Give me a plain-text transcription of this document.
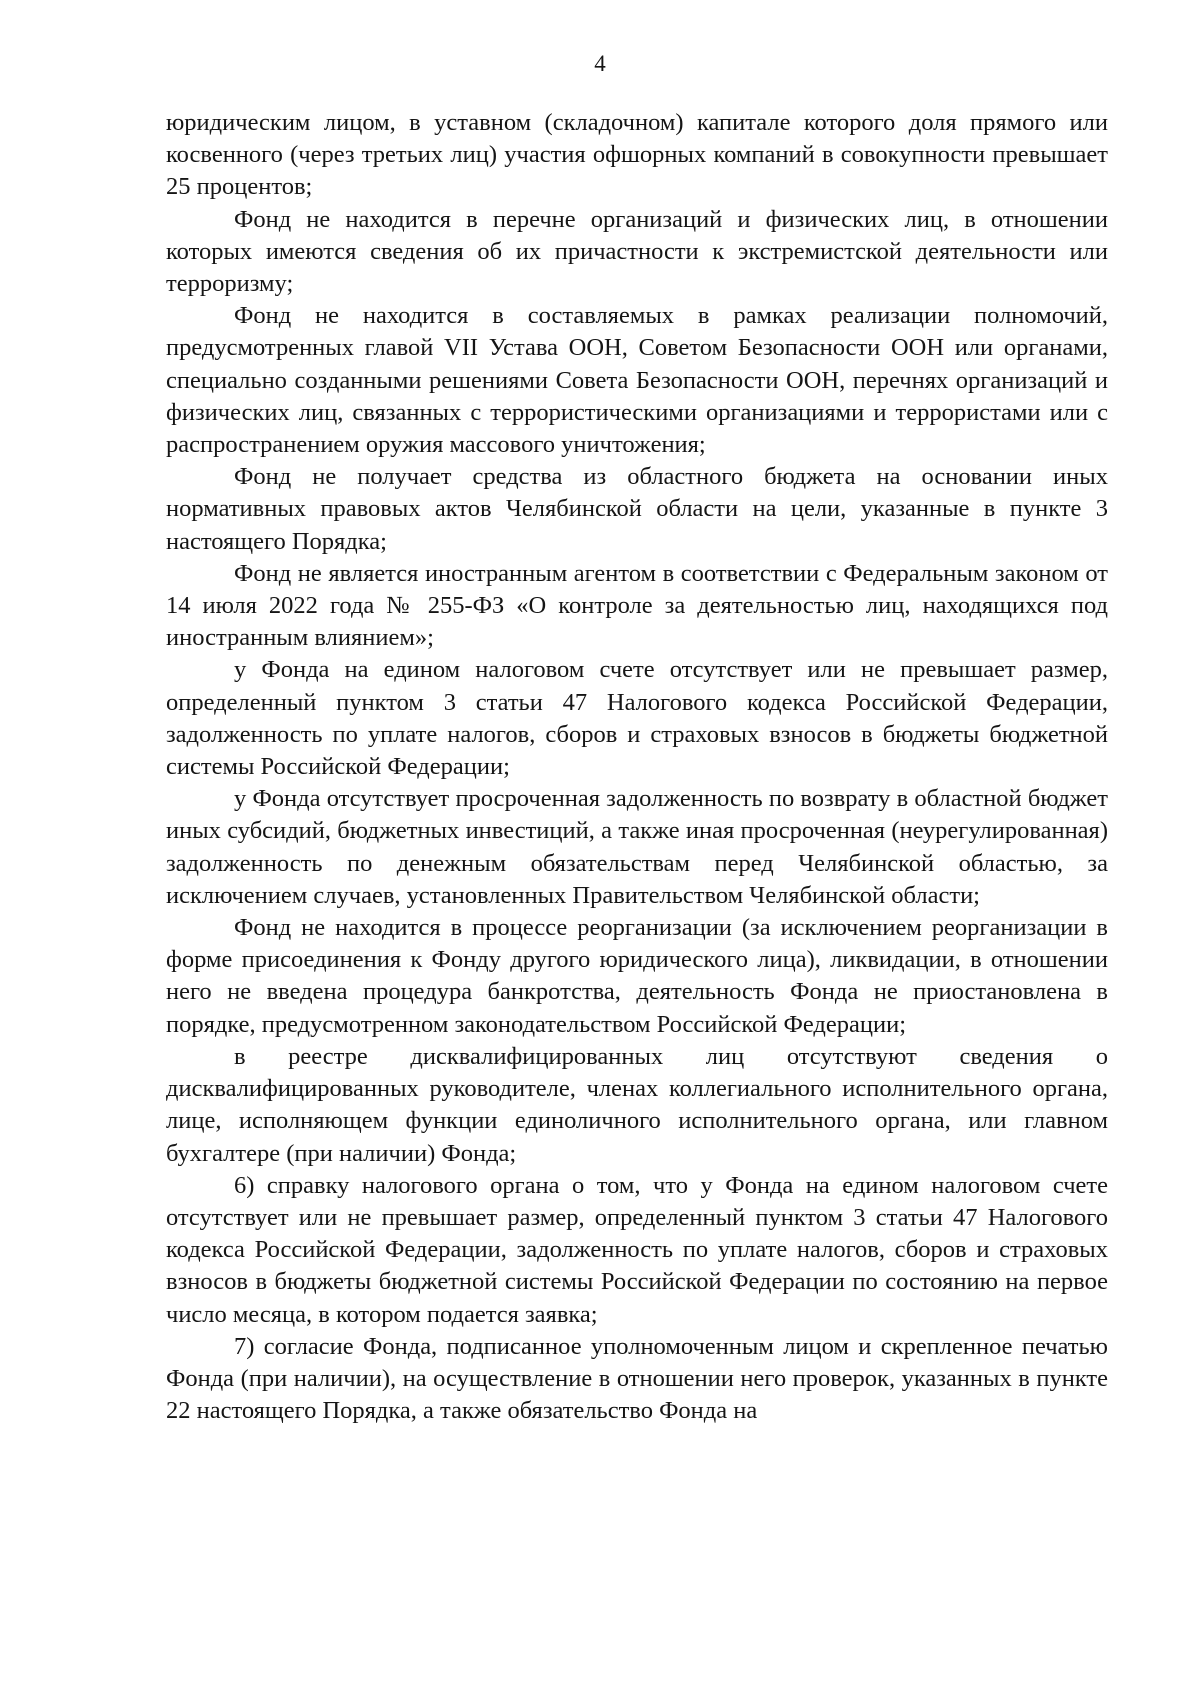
4

юридическим лицом, в уставном (складочном) капитале которого доля прямого или косвенного (через третьих лиц) участия офшорных компаний в совокупности превышает 25 процентов;

Фонд не находится в перечне организаций и физических лиц, в отношении которых имеются сведения об их причастности к экстремистской деятельности или терроризму;

Фонд не находится в составляемых в рамках реализации полномочий, предусмотренных главой VII Устава ООН, Советом Безопасности ООН или органами, специально созданными решениями Совета Безопасности ООН, перечнях организаций и физических лиц, связанных с террористическими организациями и террористами или с распространением оружия массового уничтожения;

Фонд не получает средства из областного бюджета на основании иных нормативных правовых актов Челябинской области на цели, указанные в пункте 3 настоящего Порядка;

Фонд не является иностранным агентом в соответствии с Федеральным законом от 14 июля 2022 года № 255-ФЗ «О контроле за деятельностью лиц, находящихся под иностранным влиянием»;

у Фонда на едином налоговом счете отсутствует или не превышает размер, определенный пунктом 3 статьи 47 Налогового кодекса Российской Федерации, задолженность по уплате налогов, сборов и страховых взносов в бюджеты бюджетной системы Российской Федерации;

у Фонда отсутствует просроченная задолженность по возврату в областной бюджет иных субсидий, бюджетных инвестиций, а также иная просроченная (неурегулированная) задолженность по денежным обязательствам перед Челябинской областью, за исключением случаев, установленных Правительством Челябинской области;

Фонд не находится в процессе реорганизации (за исключением реорганизации в форме присоединения к Фонду другого юридического лица), ликвидации, в отношении него не введена процедура банкротства, деятельность Фонда не приостановлена в порядке, предусмотренном законодательством Российской Федерации;

в реестре дисквалифицированных лиц отсутствуют сведения о дисквалифицированных руководителе, членах коллегиального исполнительного органа, лице, исполняющем функции единоличного исполнительного органа, или главном бухгалтере (при наличии) Фонда;

6) справку налогового органа о том, что у Фонда на едином налоговом счете отсутствует или не превышает размер, определенный пунктом 3 статьи 47 Налогового кодекса Российской Федерации, задолженность по уплате налогов, сборов и страховых взносов в бюджеты бюджетной системы Российской Федерации по состоянию на первое число месяца, в котором подается заявка;

7) согласие Фонда, подписанное уполномоченным лицом и скрепленное печатью Фонда (при наличии), на осуществление в отношении него проверок, указанных в пункте 22 настоящего Порядка, а также обязательство Фонда на
